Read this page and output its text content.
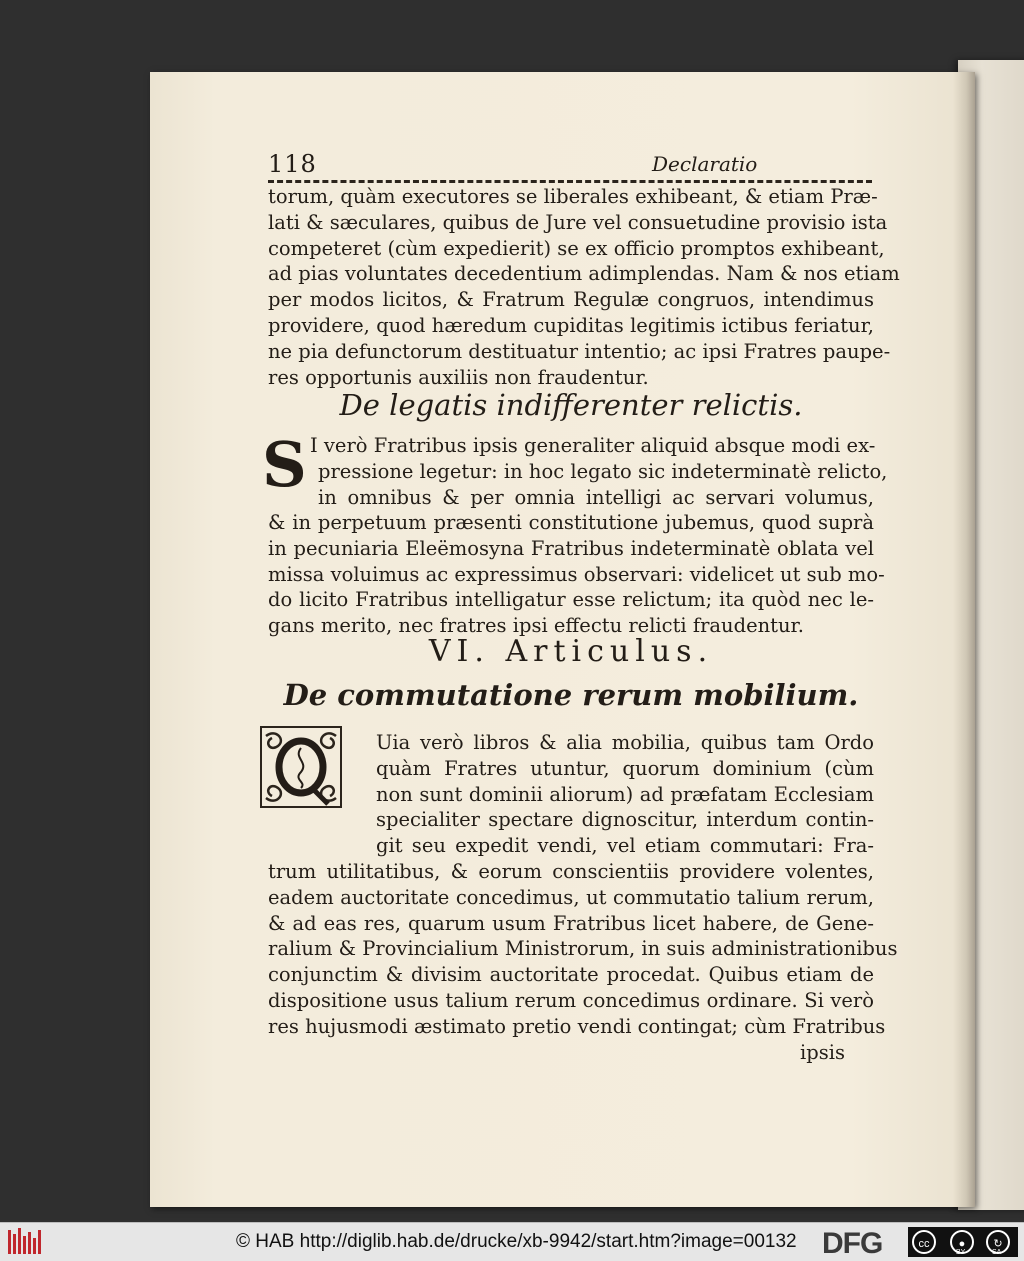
118	Declaratio
torum, quàm executores se liberales exhibeant, & etiam Præ-
lati & sæculares, quibus de Jure vel consuetudine provisio ista
competeret (cùm expedierit) se ex officio promptos exhibeant,
ad pias voluntates decedentium adimplendas. Nam & nos etiam
per modos licitos, & Fratrum Regulæ congruos, intendimus
providere, quod hæredum cupiditas legitimis ictibus feriatur,
ne pia defunctorum destituatur intentio; ac ipsi Fratres paupe-
res opportunis auxiliis non fraudentur.
De legatis indifferenter relictis.
S I verò Fratribus ipsis generaliter aliquid absque modi ex-
pressione legetur: in hoc legato sic indeterminatè relicto,
in omnibus & per omnia intelligi ac servari volumus,
& in perpetuum præsenti constitutione jubemus, quod suprà
in pecuniaria Eleëmosyna Fratribus indeterminatè oblata vel
missa voluimus ac expressimus observari: videlicet ut sub mo-
do licito Fratribus intelligatur esse relictum; ita quòd nec le-
gans merito, nec fratres ipsi effectu relicti fraudentur.
VI. Articulus.
De commutatione rerum mobilium.
Uia verò libros & alia mobilia, quibus tam Ordo
quàm Fratres utuntur, quorum dominium (cùm
non sunt dominii aliorum) ad præfatam Ecclesiam
specialiter spectare dignoscitur, interdum contin-
git seu expedit vendi, vel etiam commutari: Fra-
trum utilitatibus, & eorum conscientiis providere volentes,
eadem auctoritate concedimus, ut commutatio talium rerum,
& ad eas res, quarum usum Fratribus licet habere, de Gene-
ralium & Provincialium Ministrorum, in suis administrationibus
conjunctim & divisim auctoritate procedat. Quibus etiam de
dispositione usus talium rerum concedimus ordinare. Si verò
res hujusmodi æstimato pretio vendi contingat; cùm Fratribus
ipsis
© HAB http://diglib.hab.de/drucke/xb-9942/start.htm?image=00132 DFG	cc	●	↻
BY	SA
